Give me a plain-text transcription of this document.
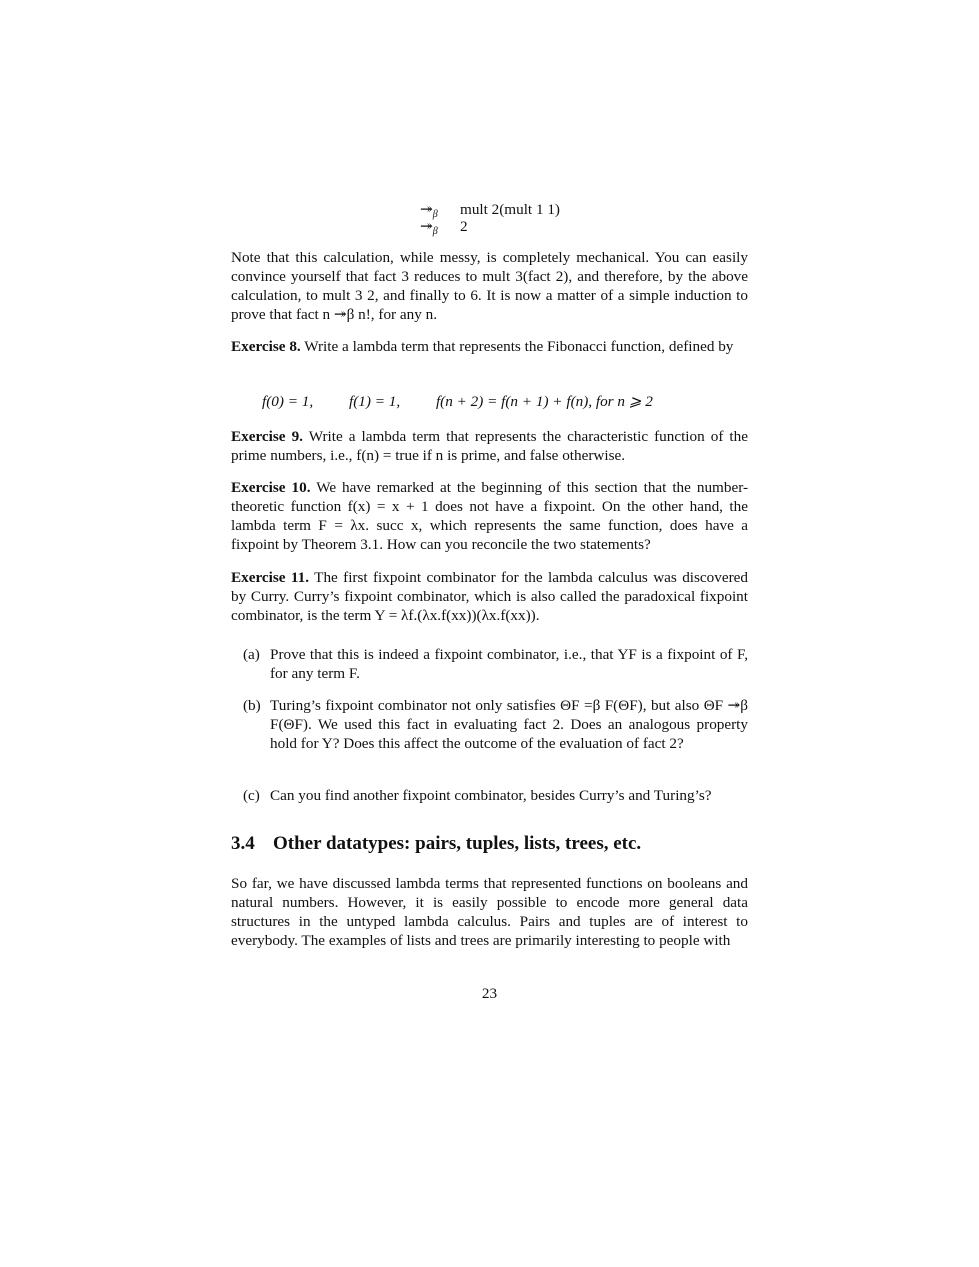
$↠_\beta$ mult 2(mult 1 1)
$↠_\beta$ 2

Note that this calculation, while messy, is completely mechanical. You can easily convince yourself that fact 3 reduces to mult 3(fact 2), and therefore, by the above calculation, to mult 3 2, and finally to 6. It is now a matter of a simple induction to prove that fact n ↠β n!, for any n.

Exercise 8. Write a lambda term that represents the Fibonacci function, defined by

f(0) = 1, f(1) = 1, f(n + 2) = f(n + 1) + f(n), for n ⩾ 2

Exercise 9. Write a lambda term that represents the characteristic function of the prime numbers, i.e., f(n) = true if n is prime, and false otherwise.

Exercise 10. We have remarked at the beginning of this section that the number-theoretic function f(x) = x + 1 does not have a fixpoint. On the other hand, the lambda term F = λx. succ x, which represents the same function, does have a fixpoint by Theorem 3.1. How can you reconcile the two statements?

Exercise 11. The first fixpoint combinator for the lambda calculus was discovered by Curry. Curry’s fixpoint combinator, which is also called the paradoxical fixpoint combinator, is the term Y = λf.(λx.f(xx))(λx.f(xx)).

(a) Prove that this is indeed a fixpoint combinator, i.e., that YF is a fixpoint of F, for any term F.
(b) Turing’s fixpoint combinator not only satisfies ΘF =β F(ΘF), but also ΘF ↠β F(ΘF). We used this fact in evaluating fact 2. Does an analogous property hold for Y? Does this affect the outcome of the evaluation of fact 2?
(c) Can you find another fixpoint combinator, besides Curry’s and Turing’s?
3.4 Other datatypes: pairs, tuples, lists, trees, etc.

So far, we have discussed lambda terms that represented functions on booleans and natural numbers. However, it is easily possible to encode more general data structures in the untyped lambda calculus. Pairs and tuples are of interest to everybody. The examples of lists and trees are primarily interesting to people with

23
